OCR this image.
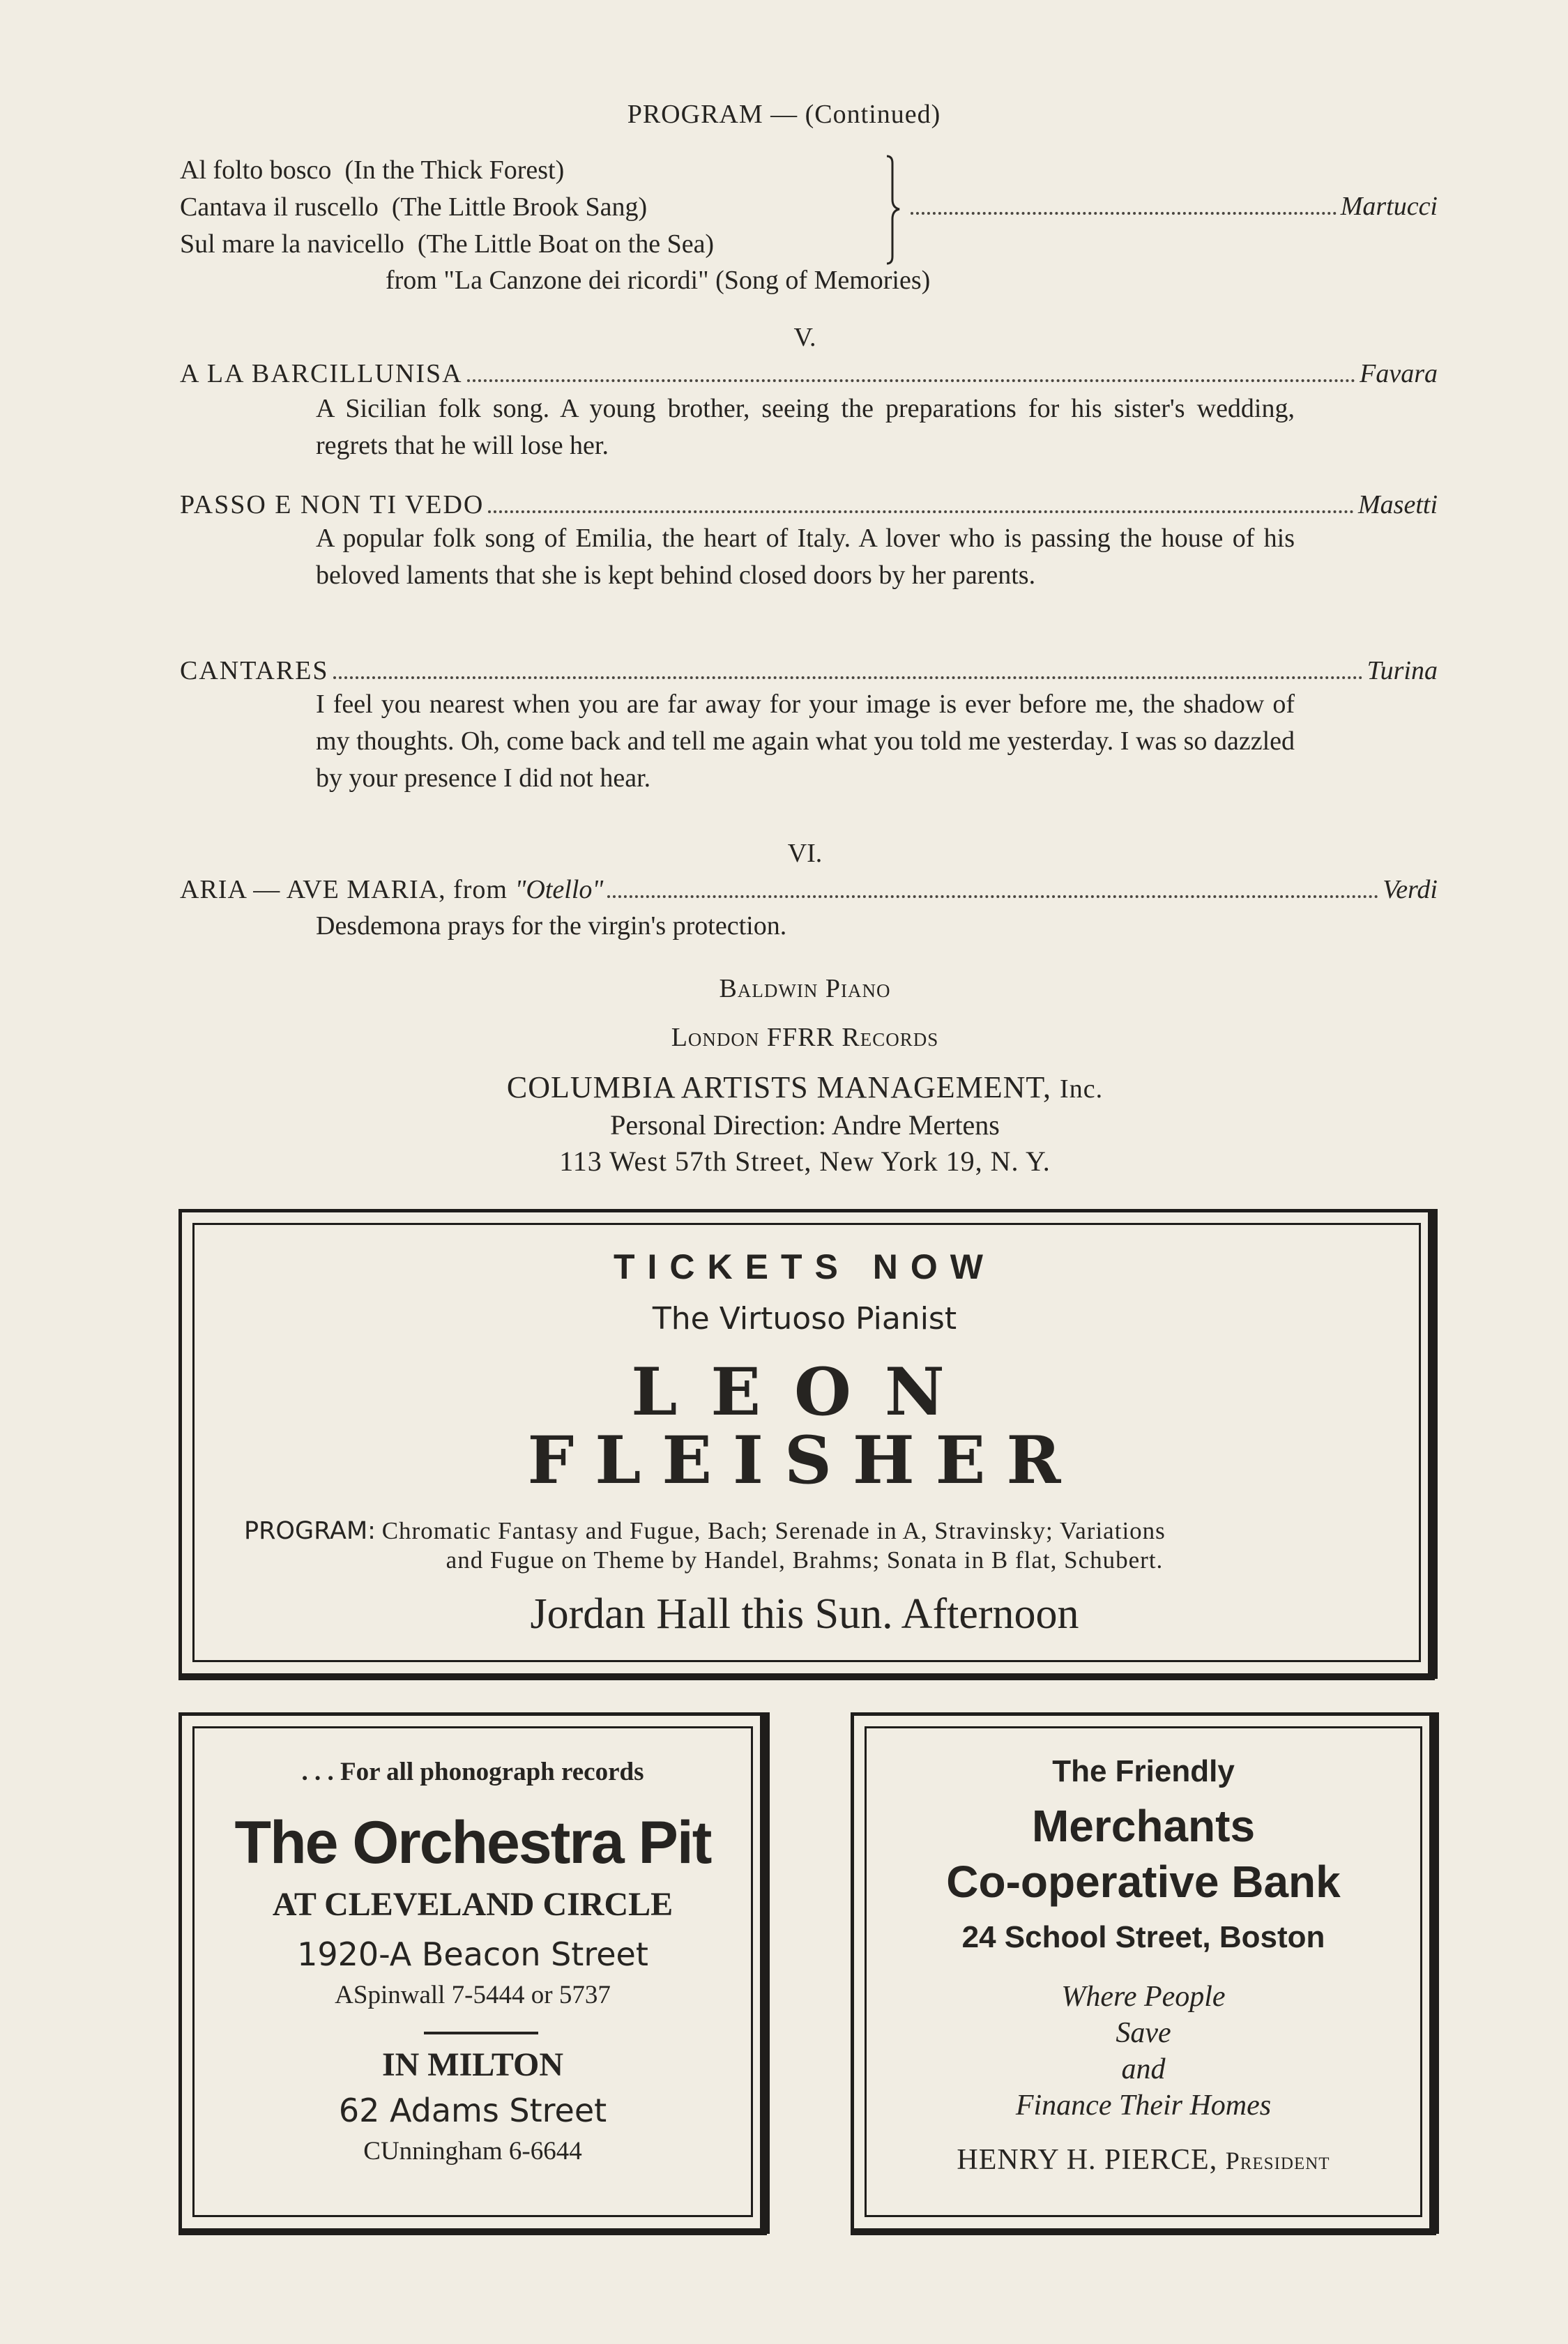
PROGRAM — (Continued)
Al folto bosco  (In the Thick Forest)
Cantava il ruscello  (The Little Brook Sang)
Sul mare la navicello  (The Little Boat on the Sea)
Martucci
from "La Canzone dei ricordi" (Song of Memories)
V.
A LA BARCILLUNISA	Favara
A Sicilian folk song. A young brother, seeing the preparations for his sister's wedding, regrets that he will lose her.
PASSO E NON TI VEDO	Masetti
A popular folk song of Emilia, the heart of Italy. A lover who is passing the house of his beloved laments that she is kept behind closed doors by her parents.
CANTARES	Turina
I feel you nearest when you are far away for your image is ever before me, the shadow of my thoughts. Oh, come back and tell me again what you told me yesterday. I was so dazzled by your presence I did not hear.
VI.
ARIA — AVE MARIA, from "Otello"	Verdi
Desdemona prays for the virgin's protection.
Baldwin Piano
London FFRR Records
COLUMBIA ARTISTS MANAGEMENT, Inc.
Personal Direction: Andre Mertens
113 West 57th Street, New York 19, N. Y.
TICKETS NOW
The Virtuoso Pianist
LEON
FLEISHER
PROGRAM: Chromatic Fantasy and Fugue, Bach; Serenade in A, Stravinsky; Variations
and Fugue on Theme by Handel, Brahms; Sonata in B flat, Schubert.
Jordan Hall this Sun. Afternoon
. . . For all phonograph records
The Orchestra Pit
AT CLEVELAND CIRCLE
1920-A Beacon Street
ASpinwall 7-5444 or 5737
IN MILTON
62 Adams Street
CUnningham 6-6644
The Friendly
Merchants
Co-operative Bank
24 School Street, Boston
Where People
Save
and
Finance Their Homes
HENRY H. PIERCE, President
